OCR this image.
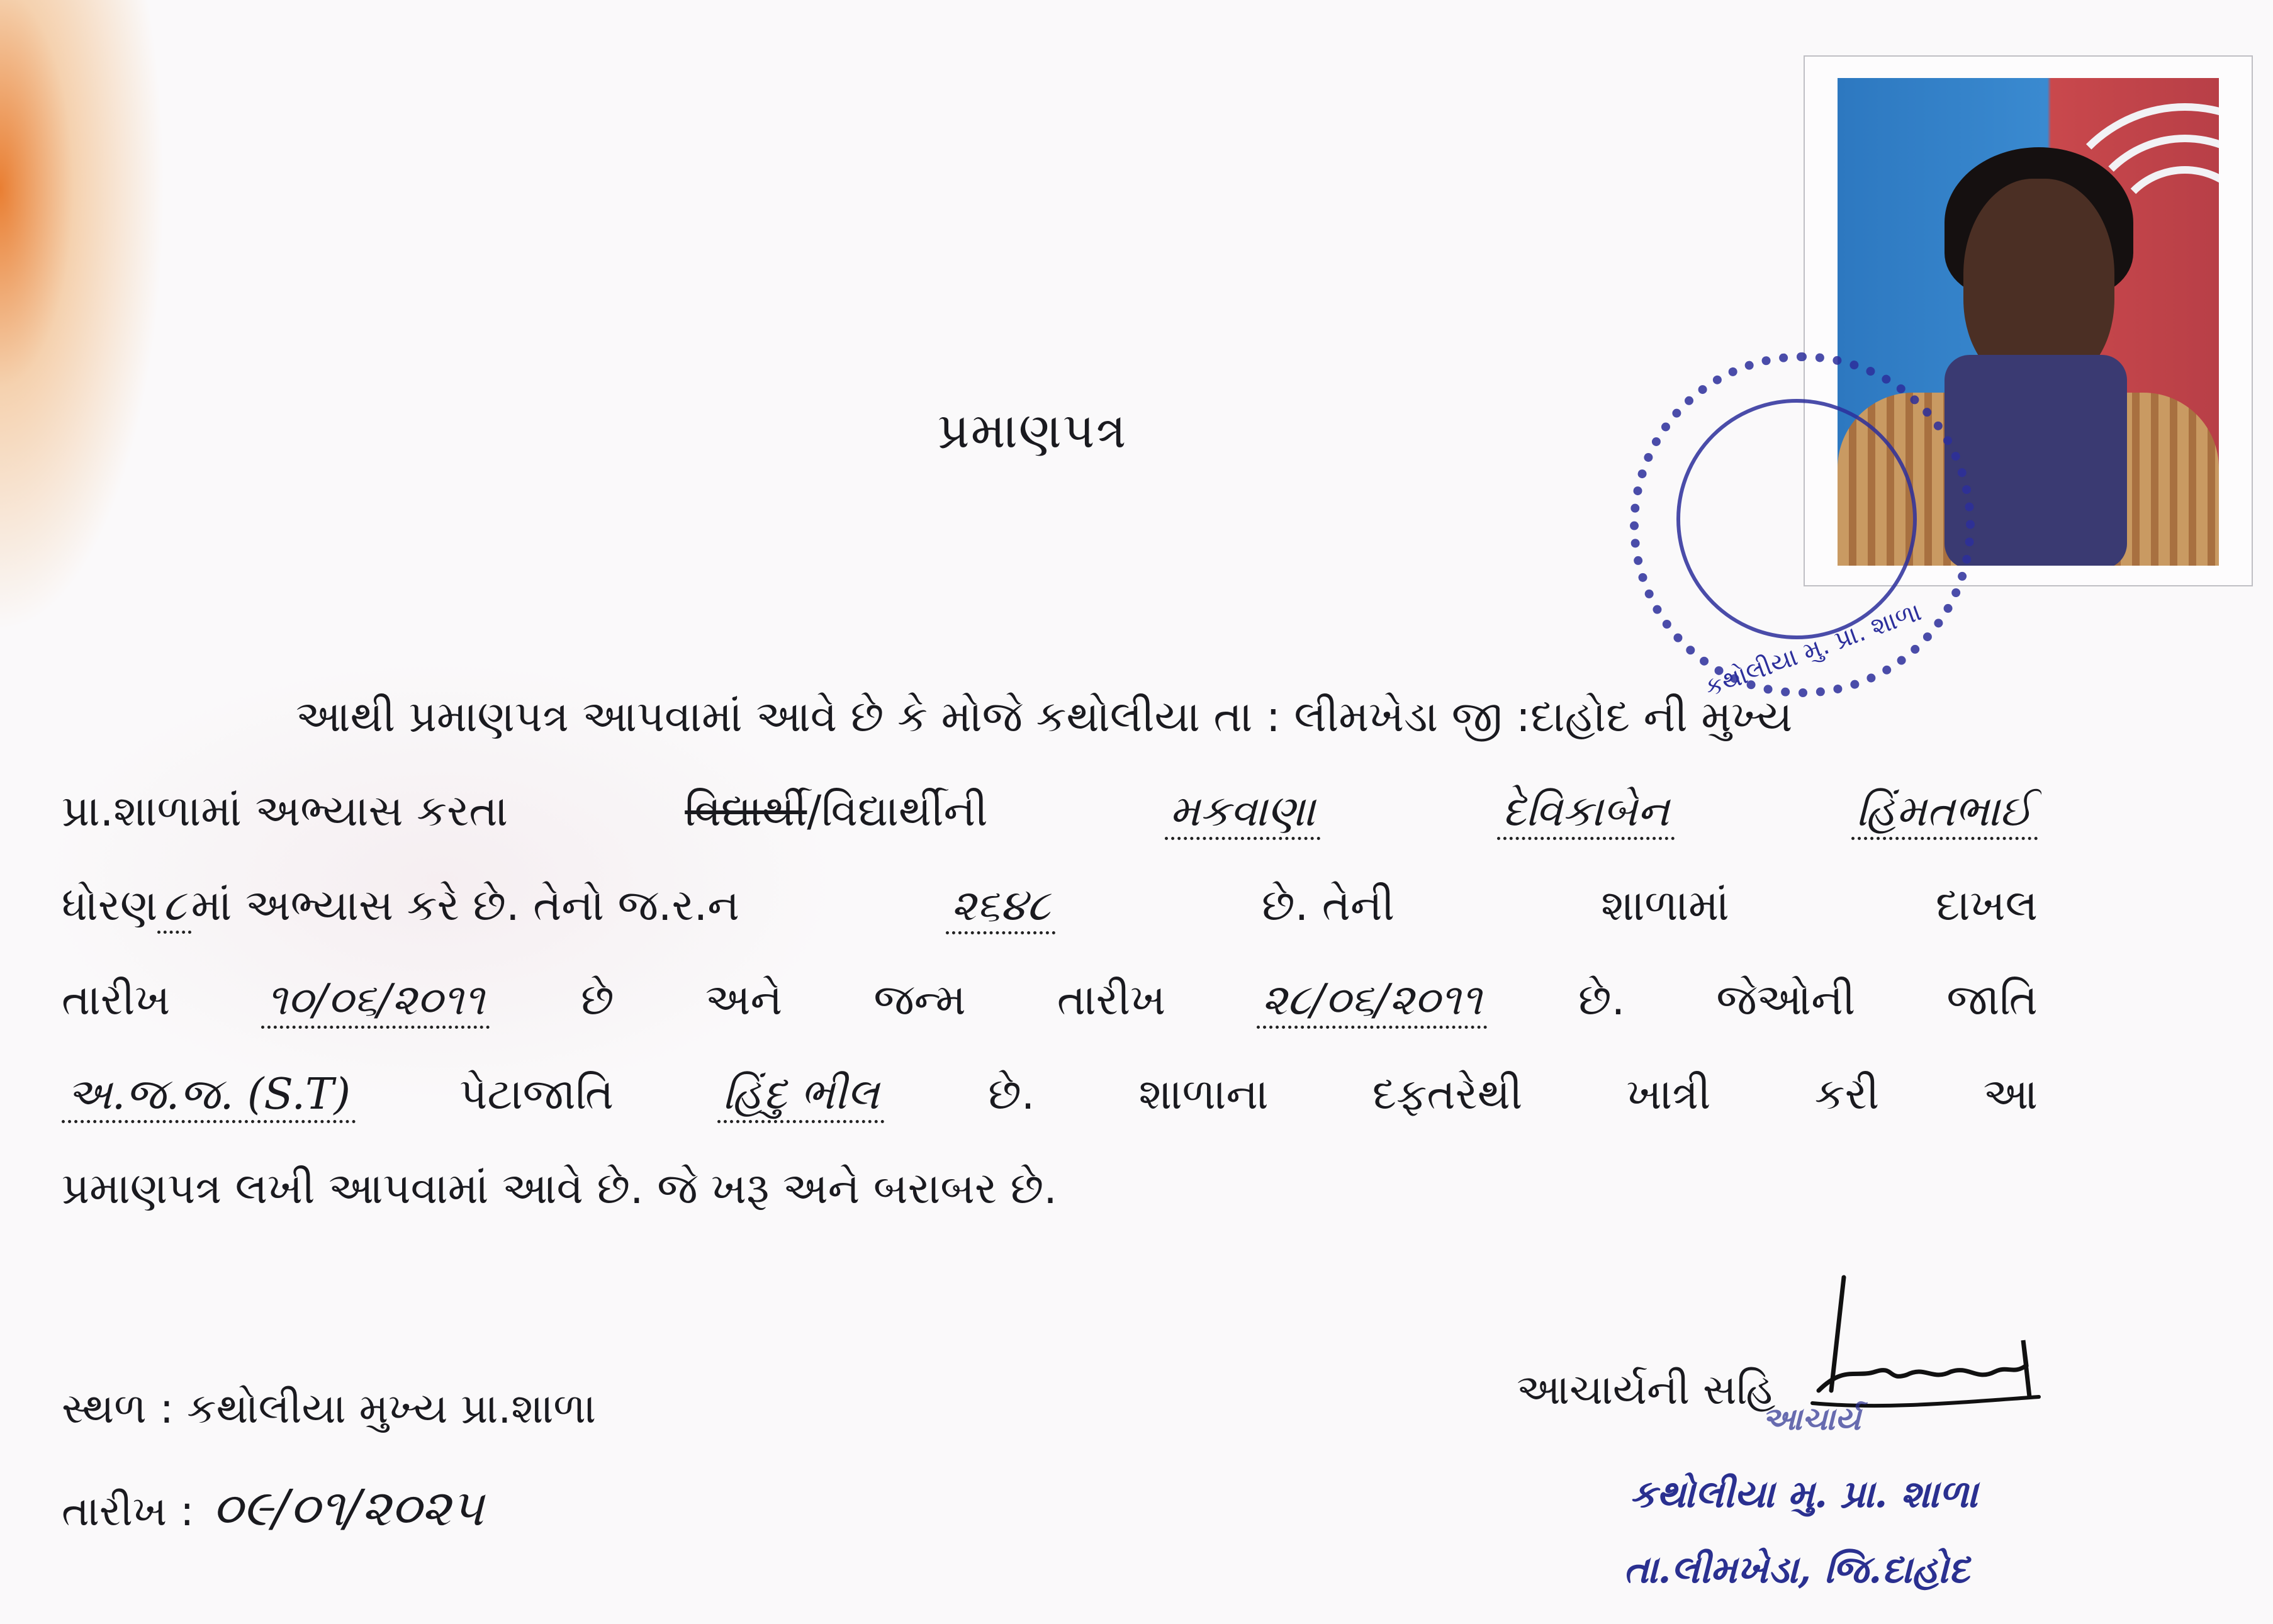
કથોલીયા મુ. પ્રા. શાળા
પ્રમાણપત્ર
આથી પ્રમાણપત્ર આપવામાં આવે છે કે મોજે કથોલીયા તા : લીમખેડા જી :દાહોદ ની મુખ્ય
પ્રા.શાળામાં અભ્યાસ કરતા	વિદ્યાર્થી/વિદ્યાર્થીની	મકવાણા	દેવિકાબેન	હિંમતભાઈ
ધોરણ ૮ માં અભ્યાસ કરે છે. તેનો જ.ર.ન	૨૬૪૮	છે. તેની	શાળામાં	દાખલ
તારીખ ૧૦/૦૬/૨૦૧૧ છે અને જન્મ તારીખ ૨૮/૦૬/૨૦૧૧ છે. જેઓની જાતિ
અ.જ.જ. (S.T)	પેટાજાતિ	હિંદુ ભીલ	છે. શાળાના દફતરેથી ખાત્રી કરી આ
પ્રમાણપત્ર લખી આપવામાં આવે છે. જે ખરૂ અને બરાબર છે.
સ્થળ : કથોલીયા મુખ્ય પ્રા.શાળા
તારીખ : ૦૯/૦૧/૨૦૨૫
આચાર્યની સહિ
આચાર્ય
કથોલીયા મુ. પ્રા. શાળા
તા.લીમખેડા, જિ.દાહોદ
